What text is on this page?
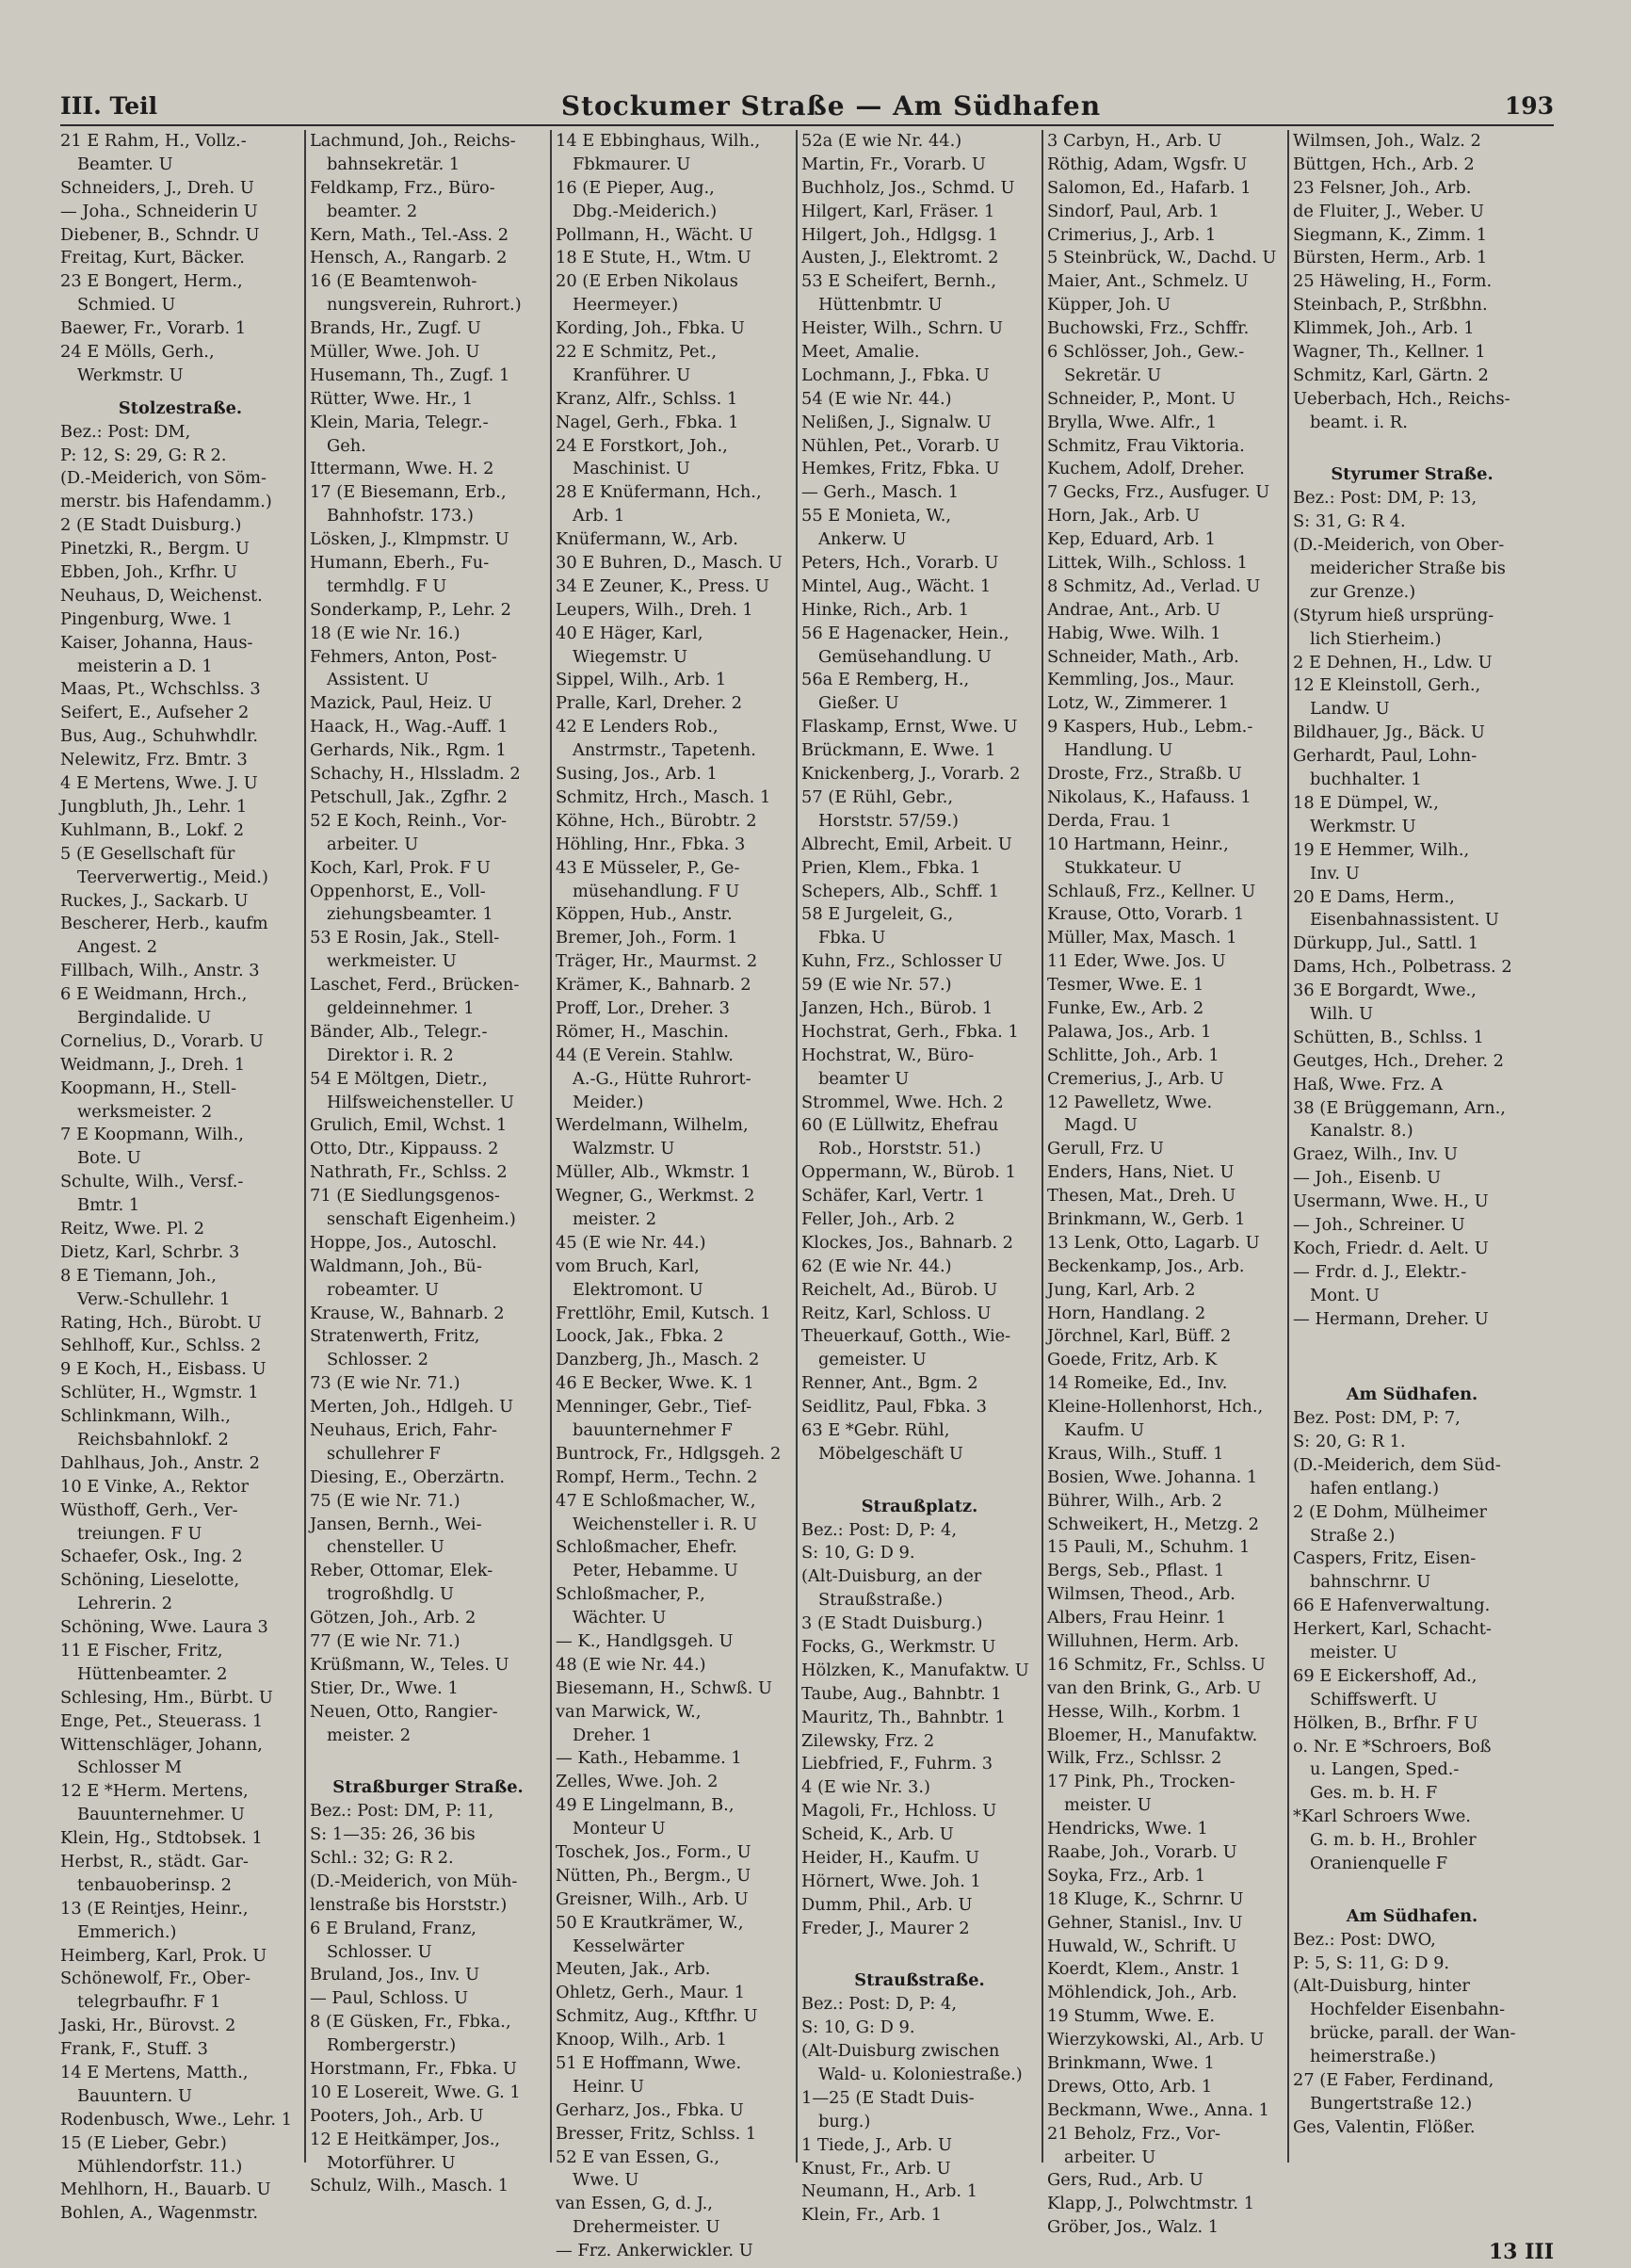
III. Teil	Stockumer Straße — Am Südhafen	193
21 E Rahm, H., Vollz.-
Beamter. U
Schneiders, J., Dreh. U
— Joha., Schneiderin U
Diebener, B., Schndr. U
Freitag, Kurt, Bäcker.
23 E Bongert, Herm.,
Schmied. U
Baewer, Fr., Vorarb. 1
24 E Mölls, Gerh.,
Werkmstr. U
Stolzestraße.
Bez.: Post: DM,
P: 12, S: 29, G: R 2.
(D.-Meiderich, von Söm-
merstr. bis Hafendamm.)
2 (E Stadt Duisburg.)
Pinetzki, R., Bergm. U
Ebben, Joh., Krfhr. U
Neuhaus, D, Weichenst.
Pingenburg, Wwe. 1
Kaiser, Johanna, Haus-
meisterin a D. 1
Maas, Pt., Wchschlss. 3
Seifert, E., Aufseher 2
Bus, Aug., Schuhwhdlr.
Nelewitz, Frz. Bmtr. 3
4 E Mertens, Wwe. J. U
Jungbluth, Jh., Lehr. 1
Kuhlmann, B., Lokf. 2
5 (E Gesellschaft für
Teerverwertig., Meid.)
Ruckes, J., Sackarb. U
Bescherer, Herb., kaufm
Angest. 2
Fillbach, Wilh., Anstr. 3
6 E Weidmann, Hrch.,
Bergindalide. U
Cornelius, D., Vorarb. U
Weidmann, J., Dreh. 1
Koopmann, H., Stell-
werksmeister. 2
7 E Koopmann, Wilh.,
Bote. U
Schulte, Wilh., Versf.-
Bmtr. 1
Reitz, Wwe. Pl. 2
Dietz, Karl, Schrbr. 3
8 E Tiemann, Joh.,
Verw.-Schullehr. 1
Rating, Hch., Bürobt. U
Sehlhoff, Kur., Schlss. 2
9 E Koch, H., Eisbass. U
Schlüter, H., Wgmstr. 1
Schlinkmann, Wilh.,
Reichsbahnlokf. 2
Dahlhaus, Joh., Anstr. 2
10 E Vinke, A., Rektor
Wüsthoff, Gerh., Ver-
treiungen. F U
Schaefer, Osk., Ing. 2
Schöning, Lieselotte,
Lehrerin. 2
Schöning, Wwe. Laura 3
11 E Fischer, Fritz,
Hüttenbeamter. 2
Schlesing, Hm., Bürbt. U
Enge, Pet., Steuerass. 1
Wittenschläger, Johann,
Schlosser M
12 E *Herm. Mertens,
Bauunternehmer. U
Klein, Hg., Stdtobsek. 1
Herbst, R., städt. Gar-
tenbauoberinsp. 2
13 (E Reintjes, Heinr.,
Emmerich.)
Heimberg, Karl, Prok. U
Schönewolf, Fr., Ober-
telegrbaufhr. F 1
Jaski, Hr., Bürovst. 2
Frank, F., Stuff. 3
14 E Mertens, Matth.,
Bauuntern. U
Rodenbusch, Wwe., Lehr. 1
15 (E Lieber, Gebr.)
Mühlendorfstr. 11.)
Mehlhorn, H., Bauarb. U
Bohlen, A., Wagenmstr.
Lachmund, Joh., Reichs-
bahnsekretär. 1
Feldkamp, Frz., Büro-
beamter. 2
Kern, Math., Tel.-Ass. 2
Hensch, A., Rangarb. 2
16 (E Beamtenwoh-
nungsverein, Ruhrort.)
Brands, Hr., Zugf. U
Müller, Wwe. Joh. U
Husemann, Th., Zugf. 1
Rütter, Wwe. Hr., 1
Klein, Maria, Telegr.-
Geh.
Ittermann, Wwe. H. 2
17 (E Biesemann, Erb.,
Bahnhofstr. 173.)
Lösken, J., Klmpmstr. U
Humann, Eberh., Fu-
termhdlg. F U
Sonderkamp, P., Lehr. 2
18 (E wie Nr. 16.)
Fehmers, Anton, Post-
Assistent. U
Mazick, Paul, Heiz. U
Haack, H., Wag.-Auff. 1
Gerhards, Nik., Rgm. 1
Schachy, H., Hlssladm. 2
Petschull, Jak., Zgfhr. 2
52 E Koch, Reinh., Vor-
arbeiter. U
Koch, Karl, Prok. F U
Oppenhorst, E., Voll-
ziehungsbeamter. 1
53 E Rosin, Jak., Stell-
werkmeister. U
Laschet, Ferd., Brücken-
geldeinnehmer. 1
Bänder, Alb., Telegr.-
Direktor i. R. 2
54 E Möltgen, Dietr.,
Hilfsweichensteller. U
Grulich, Emil, Wchst. 1
Otto, Dtr., Kippauss. 2
Nathrath, Fr., Schlss. 2
71 (E Siedlungsgenos-
senschaft Eigenheim.)
Hoppe, Jos., Autoschl.
Waldmann, Joh., Bü-
robeamter. U
Krause, W., Bahnarb. 2
Stratenwerth, Fritz,
Schlosser. 2
73 (E wie Nr. 71.)
Merten, Joh., Hdlgeh. U
Neuhaus, Erich, Fahr-
schullehrer F
Diesing, E., Oberzärtn.
75 (E wie Nr. 71.)
Jansen, Bernh., Wei-
chensteller. U
Reber, Ottomar, Elek-
trogroßhdlg. U
Götzen, Joh., Arb. 2
77 (E wie Nr. 71.)
Krüßmann, W., Teles. U
Stier, Dr., Wwe. 1
Neuen, Otto, Rangier-
meister. 2
Straßburger Straße.
Bez.: Post: DM, P: 11,
S: 1—35: 26, 36 bis
Schl.: 32; G: R 2.
(D.-Meiderich, von Müh-
lenstraße bis Horststr.)
6 E Bruland, Franz,
Schlosser. U
Bruland, Jos., Inv. U
— Paul, Schloss. U
8 (E Güsken, Fr., Fbka.,
Rombergerstr.)
Horstmann, Fr., Fbka. U
10 E Losereit, Wwe. G. 1
Pooters, Joh., Arb. U
12 E Heitkämper, Jos.,
Motorführer. U
Schulz, Wilh., Masch. 1
14 E Ebbinghaus, Wilh.,
Fbkmaurer. U
16 (E Pieper, Aug.,
Dbg.-Meiderich.)
Pollmann, H., Wächt. U
18 E Stute, H., Wtm. U
20 (E Erben Nikolaus
Heermeyer.)
Kording, Joh., Fbka. U
22 E Schmitz, Pet.,
Kranführer. U
Kranz, Alfr., Schlss. 1
Nagel, Gerh., Fbka. 1
24 E Forstkort, Joh.,
Maschinist. U
28 E Knüfermann, Hch.,
Arb. 1
Knüfermann, W., Arb.
30 E Buhren, D., Masch. U
34 E Zeuner, K., Press. U
Leupers, Wilh., Dreh. 1
40 E Häger, Karl,
Wiegemstr. U
Sippel, Wilh., Arb. 1
Pralle, Karl, Dreher. 2
42 E Lenders Rob.,
Anstrmstr., Tapetenh.
Susing, Jos., Arb. 1
Schmitz, Hrch., Masch. 1
Köhne, Hch., Bürobtr. 2
Höhling, Hnr., Fbka. 3
43 E Müsseler, P., Ge-
müsehandlung. F U
Köppen, Hub., Anstr.
Bremer, Joh., Form. 1
Träger, Hr., Maurmst. 2
Krämer, K., Bahnarb. 2
Proff, Lor., Dreher. 3
Römer, H., Maschin.
44 (E Verein. Stahlw.
A.-G., Hütte Ruhrort-
Meider.)
Werdelmann, Wilhelm,
Walzmstr. U
Müller, Alb., Wkmstr. 1
Wegner, G., Werkmst. 2
meister. 2
45 (E wie Nr. 44.)
vom Bruch, Karl,
Elektromont. U
Frettlöhr, Emil, Kutsch. 1
Loock, Jak., Fbka. 2
Danzberg, Jh., Masch. 2
46 E Becker, Wwe. K. 1
Menninger, Gebr., Tief-
bauunternehmer F
Buntrock, Fr., Hdlgsgeh. 2
Rompf, Herm., Techn. 2
47 E Schloßmacher, W.,
Weichensteller i. R. U
Schloßmacher, Ehefr.
Peter, Hebamme. U
Schloßmacher, P.,
Wächter. U
— K., Handlgsgeh. U
48 (E wie Nr. 44.)
Biesemann, H., Schwß. U
van Marwick, W.,
Dreher. 1
— Kath., Hebamme. 1
Zelles, Wwe. Joh. 2
49 E Lingelmann, B.,
Monteur U
Toschek, Jos., Form., U
Nütten, Ph., Bergm., U
Greisner, Wilh., Arb. U
50 E Krautkrämer, W.,
Kesselwärter
Meuten, Jak., Arb.
Ohletz, Gerh., Maur. 1
Schmitz, Aug., Kftfhr. U
Knoop, Wilh., Arb. 1
51 E Hoffmann, Wwe.
Heinr. U
Gerharz, Jos., Fbka. U
Bresser, Fritz, Schlss. 1
52 E van Essen, G.,
Wwe. U
van Essen, G, d. J.,
Drehermeister. U
— Frz. Ankerwickler. U
52a (E wie Nr. 44.)
Martin, Fr., Vorarb. U
Buchholz, Jos., Schmd. U
Hilgert, Karl, Fräser. 1
Hilgert, Joh., Hdlgsg. 1
Austen, J., Elektromt. 2
53 E Scheifert, Bernh.,
Hüttenbmtr. U
Heister, Wilh., Schrn. U
Meet, Amalie.
Lochmann, J., Fbka. U
54 (E wie Nr. 44.)
Nelißen, J., Signalw. U
Nühlen, Pet., Vorarb. U
Hemkes, Fritz, Fbka. U
— Gerh., Masch. 1
55 E Monieta, W.,
Ankerw. U
Peters, Hch., Vorarb. U
Mintel, Aug., Wächt. 1
Hinke, Rich., Arb. 1
56 E Hagenacker, Hein.,
Gemüsehandlung. U
56a E Remberg, H.,
Gießer. U
Flaskamp, Ernst, Wwe. U
Brückmann, E. Wwe. 1
Knickenberg, J., Vorarb. 2
57 (E Rühl, Gebr.,
Horststr. 57/59.)
Albrecht, Emil, Arbeit. U
Prien, Klem., Fbka. 1
Schepers, Alb., Schff. 1
58 E Jurgeleit, G.,
Fbka. U
Kuhn, Frz., Schlosser U
59 (E wie Nr. 57.)
Janzen, Hch., Bürob. 1
Hochstrat, Gerh., Fbka. 1
Hochstrat, W., Büro-
beamter U
Strommel, Wwe. Hch. 2
60 (E Lüllwitz, Ehefrau
Rob., Horststr. 51.)
Oppermann, W., Bürob. 1
Schäfer, Karl, Vertr. 1
Feller, Joh., Arb. 2
Klockes, Jos., Bahnarb. 2
62 (E wie Nr. 44.)
Reichelt, Ad., Bürob. U
Reitz, Karl, Schloss. U
Theuerkauf, Gotth., Wie-
gemeister. U
Renner, Ant., Bgm. 2
Seidlitz, Paul, Fbka. 3
63 E *Gebr. Rühl,
Möbelgeschäft U
Straußplatz.
Bez.: Post: D, P: 4,
S: 10, G: D 9.
(Alt-Duisburg, an der
Straußstraße.)
3 (E Stadt Duisburg.)
Focks, G., Werkmstr. U
Hölzken, K., Manufaktw. U
Taube, Aug., Bahnbtr. 1
Mauritz, Th., Bahnbtr. 1
Zilewsky, Frz. 2
Liebfried, F., Fuhrm. 3
4 (E wie Nr. 3.)
Magoli, Fr., Hchloss. U
Scheid, K., Arb. U
Heider, H., Kaufm. U
Hörnert, Wwe. Joh. 1
Dumm, Phil., Arb. U
Freder, J., Maurer 2
Straußstraße.
Bez.: Post: D, P: 4,
S: 10, G: D 9.
(Alt-Duisburg zwischen
Wald- u. Koloniestraße.)
1—25 (E Stadt Duis-
burg.)
1 Tiede, J., Arb. U
Knust, Fr., Arb. U
Neumann, H., Arb. 1
Klein, Fr., Arb. 1
3 Carbyn, H., Arb. U
Röthig, Adam, Wgsfr. U
Salomon, Ed., Hafarb. 1
Sindorf, Paul, Arb. 1
Crimerius, J., Arb. 1
5 Steinbrück, W., Dachd. U
Maier, Ant., Schmelz. U
Küpper, Joh. U
Buchowski, Frz., Schffr.
6 Schlösser, Joh., Gew.-
Sekretär. U
Schneider, P., Mont. U
Brylla, Wwe. Alfr., 1
Schmitz, Frau Viktoria.
Kuchem, Adolf, Dreher.
7 Gecks, Frz., Ausfuger. U
Horn, Jak., Arb. U
Kep, Eduard, Arb. 1
Littek, Wilh., Schloss. 1
8 Schmitz, Ad., Verlad. U
Andrae, Ant., Arb. U
Habig, Wwe. Wilh. 1
Schneider, Math., Arb.
Kemmling, Jos., Maur.
Lotz, W., Zimmerer. 1
9 Kaspers, Hub., Lebm.-
Handlung. U
Droste, Frz., Straßb. U
Nikolaus, K., Hafauss. 1
Derda, Frau. 1
10 Hartmann, Heinr.,
Stukkateur. U
Schlauß, Frz., Kellner. U
Krause, Otto, Vorarb. 1
Müller, Max, Masch. 1
11 Eder, Wwe. Jos. U
Tesmer, Wwe. E. 1
Funke, Ew., Arb. 2
Palawa, Jos., Arb. 1
Schlitte, Joh., Arb. 1
Cremerius, J., Arb. U
12 Pawelletz, Wwe.
Magd. U
Gerull, Frz. U
Enders, Hans, Niet. U
Thesen, Mat., Dreh. U
Brinkmann, W., Gerb. 1
13 Lenk, Otto, Lagarb. U
Beckenkamp, Jos., Arb.
Jung, Karl, Arb. 2
Horn, Handlang. 2
Jörchnel, Karl, Büff. 2
Goede, Fritz, Arb. K
14 Romeike, Ed., Inv.
Kleine-Hollenhorst, Hch.,
Kaufm. U
Kraus, Wilh., Stuff. 1
Bosien, Wwe. Johanna. 1
Bührer, Wilh., Arb. 2
Schweikert, H., Metzg. 2
15 Pauli, M., Schuhm. 1
Bergs, Seb., Pflast. 1
Wilmsen, Theod., Arb.
Albers, Frau Heinr. 1
Willuhnen, Herm. Arb.
16 Schmitz, Fr., Schlss. U
van den Brink, G., Arb. U
Hesse, Wilh., Korbm. 1
Bloemer, H., Manufaktw.
Wilk, Frz., Schlssr. 2
17 Pink, Ph., Trocken-
meister. U
Hendricks, Wwe. 1
Raabe, Joh., Vorarb. U
Soyka, Frz., Arb. 1
18 Kluge, K., Schrnr. U
Gehner, Stanisl., Inv. U
Huwald, W., Schrift. U
Koerdt, Klem., Anstr. 1
Möhlendick, Joh., Arb.
19 Stumm, Wwe. E.
Wierzykowski, Al., Arb. U
Brinkmann, Wwe. 1
Drews, Otto, Arb. 1
Beckmann, Wwe., Anna. 1
21 Beholz, Frz., Vor-
arbeiter. U
Gers, Rud., Arb. U
Klapp, J., Polwchtmstr. 1
Gröber, Jos., Walz. 1
Wilmsen, Joh., Walz. 2
Büttgen, Hch., Arb. 2
23 Felsner, Joh., Arb.
de Fluiter, J., Weber. U
Siegmann, K., Zimm. 1
Bürsten, Herm., Arb. 1
25 Häweling, H., Form.
Steinbach, P., Strßbhn.
Klimmek, Joh., Arb. 1
Wagner, Th., Kellner. 1
Schmitz, Karl, Gärtn. 2
Ueberbach, Hch., Reichs-
beamt. i. R.
Styrumer Straße.
Bez.: Post: DM, P: 13,
S: 31, G: R 4.
(D.-Meiderich, von Ober-
meidericher Straße bis
zur Grenze.)
(Styrum hieß ursprüng-
lich Stierheim.)
2 E Dehnen, H., Ldw. U
12 E Kleinstoll, Gerh.,
Landw. U
Bildhauer, Jg., Bäck. U
Gerhardt, Paul, Lohn-
buchhalter. 1
18 E Dümpel, W.,
Werkmstr. U
19 E Hemmer, Wilh.,
Inv. U
20 E Dams, Herm.,
Eisenbahnassistent. U
Dürkupp, Jul., Sattl. 1
Dams, Hch., Polbetrass. 2
36 E Borgardt, Wwe.,
Wilh. U
Schütten, B., Schlss. 1
Geutges, Hch., Dreher. 2
Haß, Wwe. Frz. A
38 (E Brüggemann, Arn.,
Kanalstr. 8.)
Graez, Wilh., Inv. U
— Joh., Eisenb. U
Usermann, Wwe. H., U
— Joh., Schreiner. U
Koch, Friedr. d. Aelt. U
— Frdr. d. J., Elektr.-
Mont. U
— Hermann, Dreher. U
Am Südhafen.
Bez. Post: DM, P: 7,
S: 20, G: R 1.
(D.-Meiderich, dem Süd-
hafen entlang.)
2 (E Dohm, Mülheimer
Straße 2.)
Caspers, Fritz, Eisen-
bahnschrnr. U
66 E Hafenverwaltung.
Herkert, Karl, Schacht-
meister. U
69 E Eickershoff, Ad.,
Schiffswerft. U
Hölken, B., Brfhr. F U
o. Nr. E *Schroers, Boß
u. Langen, Sped.-
Ges. m. b. H. F
*Karl Schroers Wwe.
G. m. b. H., Brohler
Oranienquelle F
Am Südhafen.
Bez.: Post: DWO,
P: 5, S: 11, G: D 9.
(Alt-Duisburg, hinter
Hochfelder Eisenbahn-
brücke, parall. der Wan-
heimerstraße.)
27 (E Faber, Ferdinand,
Bungertstraße 12.)
Ges, Valentin, Flößer.
13 III
